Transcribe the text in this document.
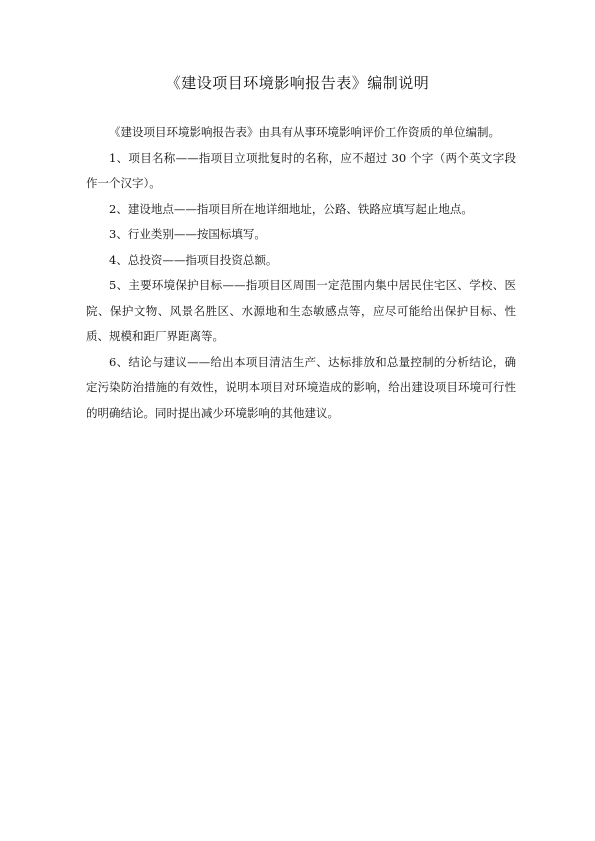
《建设项目环境影响报告表》编制说明

《建设项目环境影响报告表》由具有从事环境影响评价工作资质的单位编制。

1、项目名称——指项目立项批复时的名称，应不超过 30 个字（两个英文字段作一个汉字）。

2、建设地点——指项目所在地详细地址，公路、铁路应填写起止地点。

3、行业类别——按国标填写。

4、总投资——指项目投资总额。

5、主要环境保护目标——指项目区周围一定范围内集中居民住宅区、学校、医院、保护文物、风景名胜区、水源地和生态敏感点等，应尽可能给出保护目标、性质、规模和距厂界距离等。

6、结论与建议——给出本项目清洁生产、达标排放和总量控制的分析结论，确定污染防治措施的有效性，说明本项目对环境造成的影响，给出建设项目环境可行性的明确结论。同时提出减少环境影响的其他建议。
